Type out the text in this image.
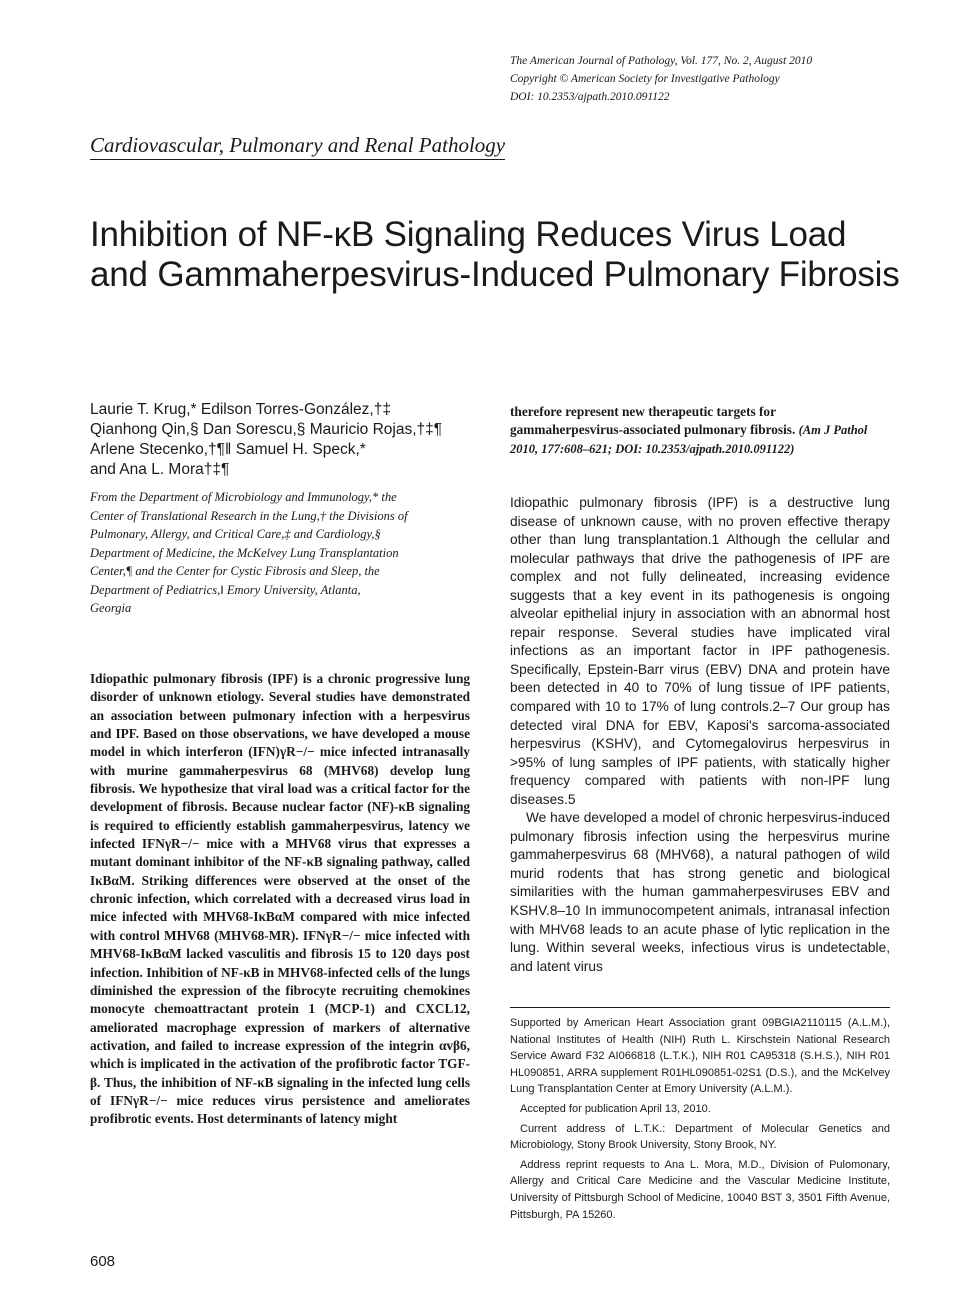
The American Journal of Pathology, Vol. 177, No. 2, August 2010
Copyright © American Society for Investigative Pathology
DOI: 10.2353/ajpath.2010.091122
Cardiovascular, Pulmonary and Renal Pathology
Inhibition of NF-κB Signaling Reduces Virus Load
and Gammaherpesvirus-Induced Pulmonary Fibrosis
Laurie T. Krug,* Edilson Torres-González,†‡
Qianhong Qin,§ Dan Sorescu,§ Mauricio Rojas,†‡¶
Arlene Stecenko,†¶‖ Samuel H. Speck,*
and Ana L. Mora†‡¶
From the Department of Microbiology and Immunology,* the
Center of Translational Research in the Lung,† the Divisions of
Pulmonary, Allergy, and Critical Care,‡ and Cardiology,§
Department of Medicine, the McKelvey Lung Transplantation
Center,¶ and the Center for Cystic Fibrosis and Sleep, the
Department of Pediatrics,‖ Emory University, Atlanta,
Georgia
Idiopathic pulmonary fibrosis (IPF) is a chronic progressive lung disorder of unknown etiology. Several studies have demonstrated an association between pulmonary infection with a herpesvirus and IPF. Based on those observations, we have developed a mouse model in which interferon (IFN)γR−/− mice infected intranasally with murine gammaherpesvirus 68 (MHV68) develop lung fibrosis. We hypothesize that viral load was a critical factor for the development of fibrosis. Because nuclear factor (NF)-κB signaling is required to efficiently establish gammaherpesvirus, latency we infected IFNγR−/− mice with a MHV68 virus that expresses a mutant dominant inhibitor of the NF-κB signaling pathway, called IκBαM. Striking differences were observed at the onset of the chronic infection, which correlated with a decreased virus load in mice infected with MHV68-IκBαM compared with mice infected with control MHV68 (MHV68-MR). IFNγR−/− mice infected with MHV68-IκBαM lacked vasculitis and fibrosis 15 to 120 days post infection. Inhibition of NF-κB in MHV68-infected cells of the lungs diminished the expression of the fibrocyte recruiting chemokines monocyte chemoattractant protein 1 (MCP-1) and CXCL12, ameliorated macrophage expression of markers of alternative activation, and failed to increase expression of the integrin αvβ6, which is implicated in the activation of the profibrotic factor TGF-β. Thus, the inhibition of NF-κB signaling in the infected lung cells of IFNγR−/− mice reduces virus persistence and ameliorates profibrotic events. Host determinants of latency might
therefore represent new therapeutic targets for gammaherpesvirus-associated pulmonary fibrosis. (Am J Pathol 2010, 177:608–621; DOI: 10.2353/ajpath.2010.091122)

Idiopathic pulmonary fibrosis (IPF) is a destructive lung disease of unknown cause, with no proven effective therapy other than lung transplantation.1 Although the cellular and molecular pathways that drive the pathogenesis of IPF are complex and not fully delineated, increasing evidence suggests that a key event in its pathogenesis is ongoing alveolar epithelial injury in association with an abnormal host repair response. Several studies have implicated viral infections as an important factor in IPF pathogenesis. Specifically, Epstein-Barr virus (EBV) DNA and protein have been detected in 40 to 70% of lung tissue of IPF patients, compared with 10 to 17% of lung controls.2–7 Our group has detected viral DNA for EBV, Kaposi's sarcoma-associated herpesvirus (KSHV), and Cytomegalovirus herpesvirus in >95% of lung samples of IPF patients, with statically higher frequency compared with patients with non-IPF lung diseases.5

We have developed a model of chronic herpesvirus-induced pulmonary fibrosis infection using the herpesvirus murine gammaherpesvirus 68 (MHV68), a natural pathogen of wild murid rodents that has strong genetic and biological similarities with the human gammaherpesviruses EBV and KSHV.8–10 In immunocompetent animals, intranasal infection with MHV68 leads to an acute phase of lytic replication in the lung. Within several weeks, infectious virus is undetectable, and latent virus

Supported by American Heart Association grant 09BGIA2110115 (A.L.M.), National Institutes of Health (NIH) Ruth L. Kirschstein National Research Service Award F32 AI066818 (L.T.K.), NIH R01 CA95318 (S.H.S.), NIH R01 HL090851, ARRA supplement R01HL090851-02S1 (D.S.), and the McKelvey Lung Transplantation Center at Emory University (A.L.M.).

Accepted for publication April 13, 2010.

Current address of L.T.K.: Department of Molecular Genetics and Microbiology, Stony Brook University, Stony Brook, NY.

Address reprint requests to Ana L. Mora, M.D., Division of Pulomonary, Allergy and Critical Care Medicine and the Vascular Medicine Institute, University of Pittsburgh School of Medicine, 10040 BST 3, 3501 Fifth Avenue, Pittsburgh, PA 15260.

608
